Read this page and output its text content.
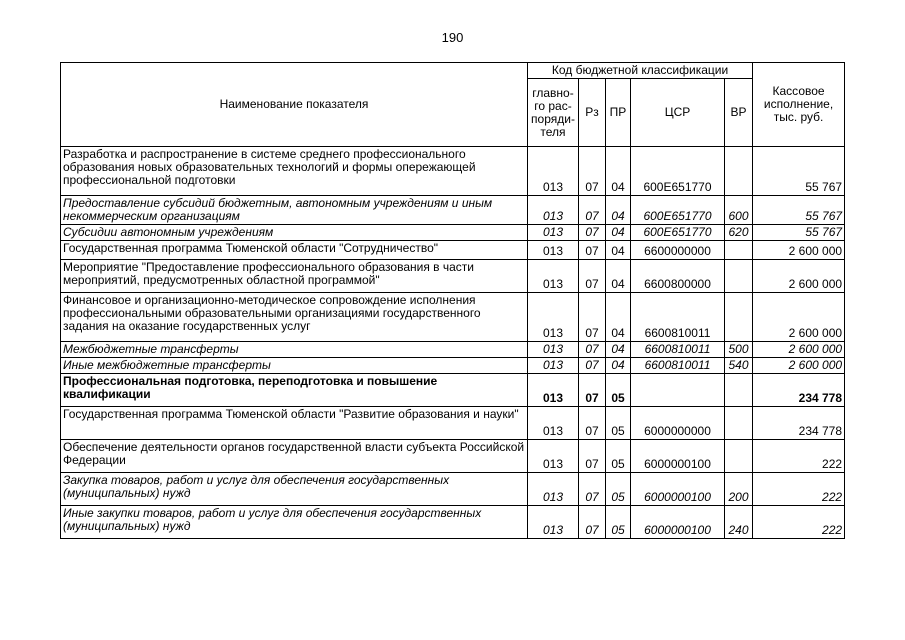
190
Наименование показателя	Код бюджетной классификации					Кассовое исполнение, тыс. руб.
	главно-го рас-поряди-теля	Рз	ПР	ЦСР	ВР	
Разработка и распространение в системе среднего профессионального образования новых образовательных технологий и формы опережающей профессиональной подготовки	013	07	04	600Е651770		55 767
Предоставление субсидий бюджетным, автономным учреждениям и иным некоммерческим организациям	013	07	04	600Е651770	600	55 767
Субсидии автономным учреждениям	013	07	04	600Е651770	620	55 767
Государственная программа Тюменской области "Сотрудничество"	013	07	04	6600000000		2 600 000
Мероприятие "Предоставление профессионального образования в части мероприятий, предусмотренных областной программой"	013	07	04	6600800000		2 600 000
Финансовое и организационно-методическое сопровождение исполнения профессиональными образовательными организациями государственного задания на оказание государственных услуг	013	07	04	6600810011		2 600 000
Межбюджетные трансферты	013	07	04	6600810011	500	2 600 000
Иные межбюджетные трансферты	013	07	04	6600810011	540	2 600 000
Профессиональная подготовка, переподготовка и повышение квалификации	013	07	05			234 778
Государственная программа Тюменской области "Развитие образования и науки"	013	07	05	6000000000		234 778
Обеспечение деятельности органов государственной власти субъекта Российской Федерации	013	07	05	6000000100		222
Закупка товаров, работ и услуг для обеспечения государственных (муниципальных) нужд	013	07	05	6000000100	200	222
Иные закупки товаров, работ и услуг для обеспечения государственных (муниципальных) нужд	013	07	05	6000000100	240	222
